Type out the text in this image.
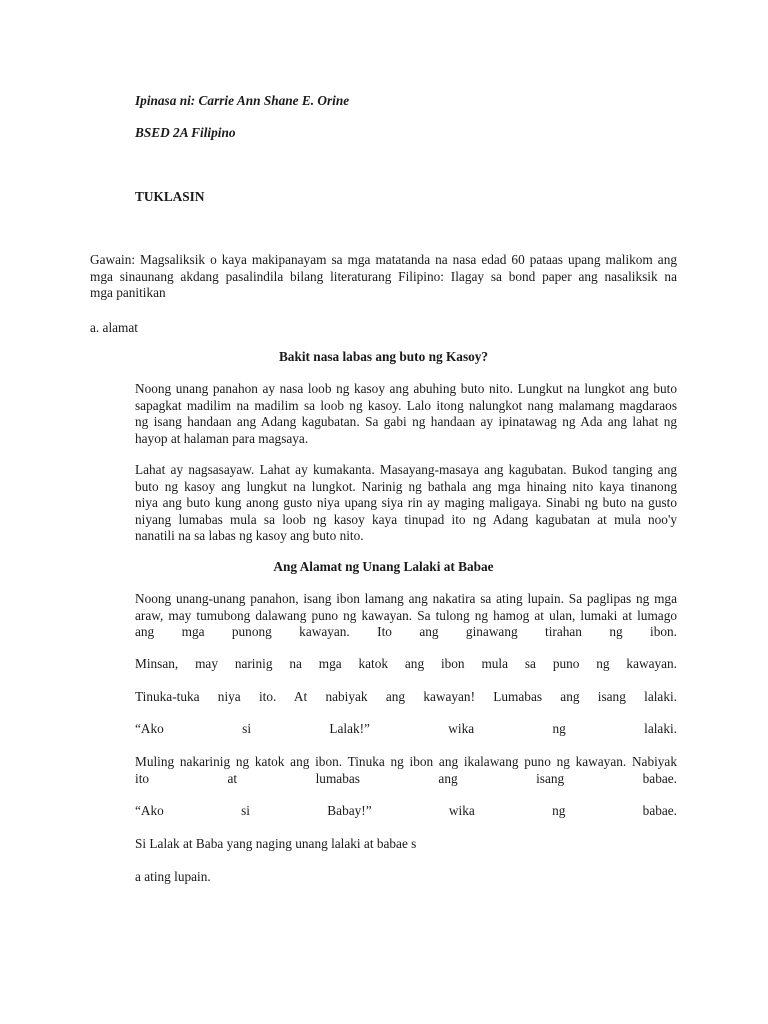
Ipinasa ni: Carrie Ann Shane E. Orine

BSED 2A Filipino

TUKLASIN

Gawain: Magsaliksik o kaya makipanayam sa mga matatanda na nasa edad 60 pataas upang malikom ang
mga sinaunang akdang pasalindila bilang literaturang Filipino: Ilagay sa bond paper ang nasaliksik na
mga panitikan

a. alamat

Bakit nasa labas ang buto ng Kasoy?

Noong unang panahon ay nasa loob ng kasoy ang abuhing buto nito. Lungkut na lungkot ang buto
sapagkat madilim na madilim sa loob ng kasoy. Lalo itong nalungkot nang malamang magdaraos
ng isang handaan ang Adang kagubatan. Sa gabi ng handaan ay ipinatawag ng Ada ang lahat ng
hayop at halaman para magsaya.
Lahat ay nagsasayaw. Lahat ay kumakanta. Masayang-masaya ang kagubatan. Bukod tanging ang
buto ng kasoy ang lungkut na lungkot. Narinig ng bathala ang mga hinaing nito kaya tinanong
niya ang buto kung anong gusto niya upang siya rin ay maging maligaya. Sinabi ng buto na gusto
niyang lumabas mula sa loob ng kasoy kaya tinupad ito ng Adang kagubatan at mula noo'y
nanatili na sa labas ng kasoy ang buto nito.

Ang Alamat ng Unang Lalaki at Babae

Noong unang-unang panahon, isang ibon lamang ang nakatira sa ating lupain. Sa paglipas ng mga
araw, may tumubong dalawang puno ng kawayan. Sa tulong ng hamog at ulan, lumaki at lumago
ang mga punong kawayan. Ito ang ginawang tirahan ng ibon.
Minsan, may narinig na mga katok ang ibon mula sa puno ng kawayan.
Tinuka-tuka niya ito. At nabiyak ang kawayan! Lumabas ang isang lalaki.
“Ako si Lalak!” wika ng lalaki.
Muling nakarinig ng katok ang ibon. Tinuka ng ibon ang ikalawang puno ng kawayan. Nabiyak
ito at lumabas ang isang babae.
“Ako si Babay!” wika ng babae.

Si Lalak at Baba yang naging unang lalaki at babae s

a ating lupain.
